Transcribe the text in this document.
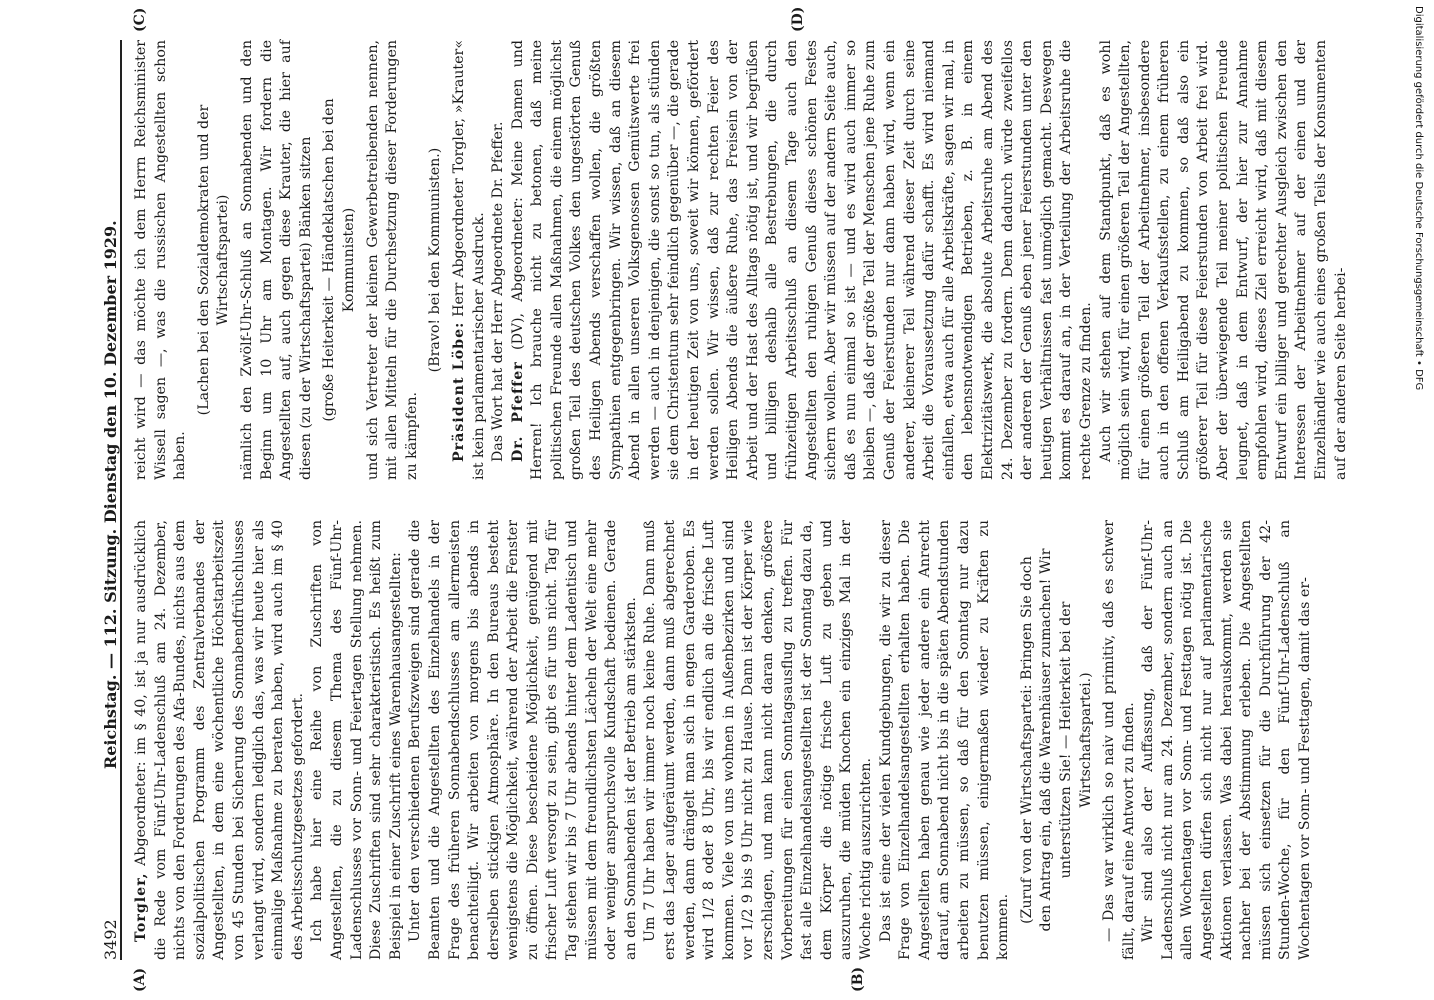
3492
Reichstag. — 112. Sitzung. Dienstag den 10. Dezember 1929.
(A)	(B)
(C)	(D)

Torgler, Abgeordneter: im § 40, ist ja nur ausdrücklich die Rede vom Fünf-Uhr-Ladenschluß am 24. Dezember, nichts von den Forderungen des Afa-Bundes, nichts aus dem sozialpolitischen Programm des Zentralverbandes der Angestellten, in dem eine wöchentliche Höchstarbeitszeit von 45 Stunden bei Sicherung des Sonnabendfrühschlusses verlangt wird, sondern lediglich das, was wir heute hier als einmalige Maßnahme zu beraten haben, wird auch im § 40 des Arbeitsschutzgesetzes gefordert. Ich habe hier eine Reihe von Zuschriften von Angestellten, die zu diesem Thema des Fünf-Uhr-Ladenschlusses vor Sonn- und Feiertagen Stellung nehmen. Diese Zuschriften sind sehr charakteristisch. Es heißt zum Beispiel in einer Zuschrift eines Warenhausangestellten: Unter den verschiedenen Berufszweigen sind gerade die Beamten und die Angestellten des Einzelhandels in der Frage des früheren Sonnabendschlusses am allermeisten benachteiligt. Wir arbeiten von morgens bis abends in derselben stickigen Atmosphäre. In den Bureaus besteht wenigstens die Möglichkeit, während der Arbeit die Fenster zu öffnen. Diese bescheidene Möglichkeit, genügend mit frischer Luft versorgt zu sein, gibt es für uns nicht. Tag für Tag stehen wir bis 7 Uhr abends hinter dem Ladentisch und müssen mit dem freundlichsten Lächeln der Welt eine mehr oder weniger anspruchsvolle Kundschaft bedienen. Gerade an den Sonnabenden ist der Betrieb am stärksten. Um 7 Uhr haben wir immer noch keine Ruhe. Dann muß erst das Lager aufgeräumt werden, dann muß abgerechnet werden, dann drängelt man sich in engen Garderoben. Es wird 1/2 8 oder 8 Uhr, bis wir endlich an die frische Luft kommen. Viele von uns wohnen in Außenbezirken und sind vor 1/2 9 bis 9 Uhr nicht zu Hause. Dann ist der Körper wie zerschlagen, und man kann nicht daran denken, größere Vorbereitungen für einen Sonntagsausflug zu treffen. Für fast alle Einzelhandelsangestellten ist der Sonntag dazu da, dem Körper die nötige frische Luft zu geben und auszuruhen, die müden Knochen ein einziges Mal in der Woche richtig auszurichten. Das ist eine der vielen Kundgebungen, die wir zu dieser Frage von Einzelhandelsangestellten erhalten haben. Die Angestellten haben genau wie jeder andere ein Anrecht darauf, am Sonnabend nicht bis in die späten Abendstunden arbeiten zu müssen, so daß für den Sonntag nur dazu benutzen müssen, einigermaßen wieder zu Kräften zu kommen.

(Zuruf von der Wirtschaftspartei: Bringen Sie doch den Antrag ein, daß die Warenhäuser zumachen! Wir unterstützen Sie! — Heiterkeit bei der Wirtschaftspartei.) — Das war wirklich so naiv und primitiv, daß es schwer fällt, darauf eine Antwort zu finden. Wir sind also der Auffassung, daß der Fünf-Uhr-Ladenschluß nicht nur am 24. Dezember, sondern auch an allen Wochentagen vor Sonn- und Festtagen nötig ist. Die Angestellten dürfen sich nicht nur auf parlamentarische Aktionen verlassen. Was dabei herauskommt, werden sie nachher bei der Abstimmung erleben. Die Angestellten müssen sich einsetzen für die Durchführung der 42-Stunden-Woche, für den Fünf-Uhr-Ladenschluß an Wochentagen vor Sonn- und Festtagen, damit das er-

reicht wird — das möchte ich dem Herrn Reichsminister Wissell sagen —, was die russischen Angestellten schon haben.

(Lachen bei den Sozialdemokraten und der Wirtschaftspartei) nämlich den Zwölf-Uhr-Schluß an Sonnabenden und den Beginn um 10 Uhr am Montagen. Wir fordern die Angestellten auf, auch gegen diese Krauter, die hier auf diesen (zu der Wirtschaftspartei) Bänken sitzen (große Heiterkeit — Händeklatschen bei den Kommunisten) und sich Vertreter der kleinen Gewerbetreibenden nennen, mit allen Mitteln für die Durchsetzung dieser Forderungen zu kämpfen.

(Bravo! bei den Kommunisten.)

Präsident Löbe: Herr Abgeordneter Torgler, »Krauter« ist kein parlamentarischer Ausdruck. Das Wort hat der Herr Abgeordnete Dr. Pfeffer. Dr. Pfeffer (DV), Abgeordneter: Meine Damen und Herren! Ich brauche nicht zu betonen, daß meine politischen Freunde allen Maßnahmen, die einem möglichst großen Teil des deutschen Volkes den ungestörten Genuß des Heiligen Abends verschaffen wollen, die größten Sympathien entgegenbringen. Wir wissen, daß an diesem Abend in allen unseren Volksgenossen Gemütswerte frei werden — auch in denjenigen, die sonst so tun, als stünden sie dem Christentum sehr feindlich gegenüber —, die gerade in der heutigen Zeit von uns, soweit wir können, gefördert werden sollen. Wir wissen, daß zur rechten Feier des Heiligen Abends die äußere Ruhe, das Freisein von der Arbeit und der Hast des Alltags nötig ist, und wir begrüßen und billigen deshalb alle Bestrebungen, die durch frühzeitigen Arbeitsschluß an diesem Tage auch den Angestellten den ruhigen Genuß dieses schönen Festes sichern wollen. Aber wir müssen auf der andern Seite auch, daß es nun einmal so ist — und es wird auch immer so bleiben —, daß der größte Teil der Menschen jene Ruhe zum Genuß der Feierstunden nur dann haben wird, wenn ein anderer, kleinerer Teil während dieser Zeit durch seine Arbeit die Voraussetzung dafür schafft. Es wird niemand einfallen, etwa auch für alle Arbeitskräfte, sagen wir mal, in den lebensnotwendigen Betrieben, z. B. in einem Elektrizitätswerk, die absolute Arbeitsruhe am Abend des 24. Dezember zu fordern. Denn dadurch würde zweifellos der anderen der Genuß eben jener Feierstunden unter den heutigen Verhältnissen fast unmöglich gemacht. Deswegen kommt es darauf an, in der Verteilung der Arbeitsruhe die rechte Grenze zu finden. Auch wir stehen auf dem Standpunkt, daß es wohl möglich sein wird, für einen größeren Teil der Angestellten, für einen größeren Teil der Arbeitnehmer, insbesondere auch in den offenen Verkaufsstellen, zu einem früheren Schluß am Heiligabend zu kommen, so daß also ein größerer Teil für diese Feierstunden von Arbeit frei wird. Aber der überwiegende Teil meiner politischen Freunde leugnet, daß in dem Entwurf, der hier zur Annahme empfohlen wird, dieses Ziel erreicht wird, daß mit diesem Entwurf ein billiger und gerechter Ausgleich zwischen den Interessen der Arbeitnehmer auf der einen und der Einzelhändler wie auch eines großen Teils der Konsumenten auf der anderen Seite herbei-	Digitalisierung gefördert durch die Deutsche Forschungsgemeinschaft • DFG
